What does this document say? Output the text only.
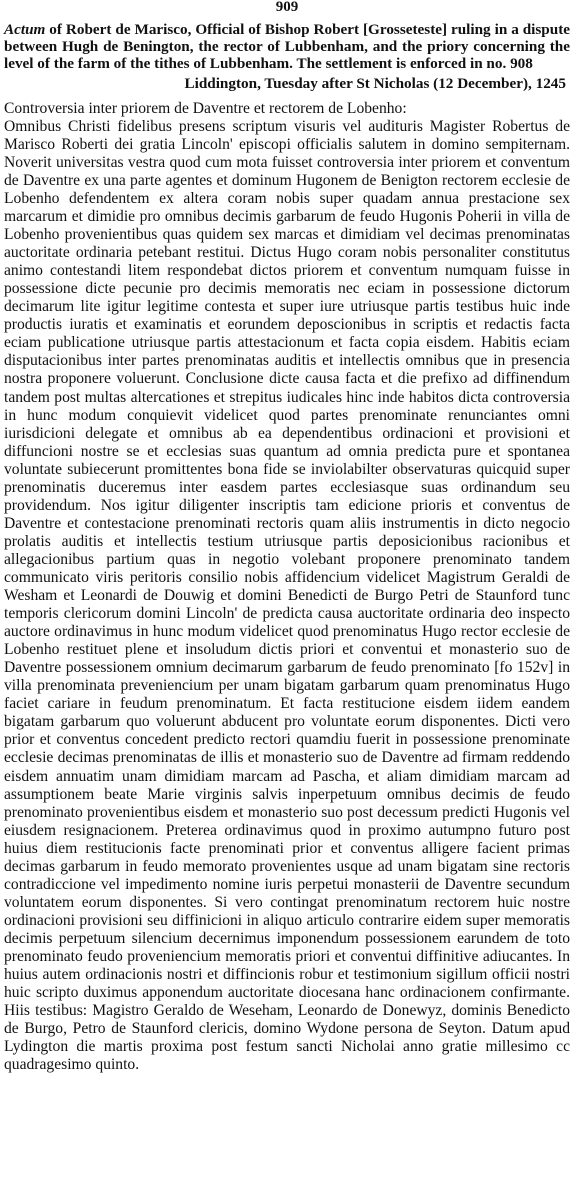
909

Actum of Robert de Marisco, Official of Bishop Robert [Grosseteste] ruling in a dispute between Hugh de Benington, the rector of Lubbenham, and the priory concerning the level of the farm of the tithes of Lubbenham. The settlement is enforced in no. 908

Liddington, Tuesday after St Nicholas (12 December), 1245

Controversia inter priorem de Daventre et rectorem de Lobenho:

Omnibus Christi fidelibus presens scriptum visuris vel audituris Magister Robertus de Marisco Roberti dei gratia Lincoln' episcopi officialis salutem in domino sempiternam. Noverit universitas vestra quod cum mota fuisset controversia inter priorem et conventum de Daventre ex una parte agentes et dominum Hugonem de Benigton rectorem ecclesie de Lobenho defendentem ex altera coram nobis super quadam annua prestacione sex marcarum et dimidie pro omnibus decimis garbarum de feudo Hugonis Poherii in villa de Lobenho provenientibus quas quidem sex marcas et dimidiam vel decimas prenominatas auctoritate ordinaria petebant restitui. Dictus Hugo coram nobis personaliter constitutus animo contestandi litem respondebat dictos priorem et conventum numquam fuisse in possessione dicte pecunie pro decimis memoratis nec eciam in possessione dictorum decimarum lite igitur legitime contesta et super iure utriusque partis testibus huic inde productis iuratis et examinatis et eorundem deposcionibus in scriptis et redactis facta eciam publicatione utriusque partis attestacionum et facta copia eisdem. Habitis eciam disputacionibus inter partes prenominatas auditis et intellectis omnibus que in presencia nostra proponere voluerunt. Conclusione dicte causa facta et die prefixo ad diffinendum tandem post multas altercationes et strepitus iudicales hinc inde habitos dicta controversia in hunc modum conquievit videlicet quod partes prenominate renunciantes omni iurisdicioni delegate et omnibus ab ea dependentibus ordinacioni et provisioni et diffuncioni nostre se et ecclesias suas quantum ad omnia predicta pure et spontanea voluntate subiecerunt promittentes bona fide se inviolabilter observaturas quicquid super prenominatis duceremus inter easdem partes ecclesiasque suas ordinandum seu providendum. Nos igitur diligenter inscriptis tam edicione prioris et conventus de Daventre et contestacione prenominati rectoris quam aliis instrumentis in dicto negocio prolatis auditis et intellectis testium utriusque partis deposicionibus racionibus et allegacionibus partium quas in negotio volebant proponere prenominato tandem communicato viris peritoris consilio nobis affidencium videlicet Magistrum Geraldi de Wesham et Leonardi de Douwig et domini Benedicti de Burgo Petri de Staunford tunc temporis clericorum domini Lincoln' de predicta causa auctoritate ordinaria deo inspecto auctore ordinavimus in hunc modum videlicet quod prenominatus Hugo rector ecclesie de Lobenho restituet plene et insoludum dictis priori et conventui et monasterio suo de Daventre possessionem omnium decimarum garbarum de feudo prenominato [fo 152v] in villa prenominata preveniencium per unam bigatam garbarum quam prenominatus Hugo faciet cariare in feudum prenominatum. Et facta restitucione eisdem iidem eandem bigatam garbarum quo voluerunt abducent pro voluntate eorum disponentes. Dicti vero prior et conventus concedent predicto rectori quamdiu fuerit in possessione prenominate ecclesie decimas prenominatas de illis et monasterio suo de Daventre ad firmam reddendo eisdem annuatim unam dimidiam marcam ad Pascha, et aliam dimidiam marcam ad assumptionem beate Marie virginis salvis inperpetuum omnibus decimis de feudo prenominato provenientibus eisdem et monasterio suo post decessum predicti Hugonis vel eiusdem resignacionem. Preterea ordinavimus quod in proximo autumpno futuro post huius diem restitucionis facte prenominati prior et conventus alligere facient primas decimas garbarum in feudo memorato provenientes usque ad unam bigatam sine rectoris contradiccione vel impedimento nomine iuris perpetui monasterii de Daventre secundum voluntatem eorum disponentes. Si vero contingat prenominatum rectorem huic nostre ordinacioni provisioni seu diffinicioni in aliquo articulo contrarire eidem super memoratis decimis perpetuum silencium decernimus imponendum possessionem earundem de toto prenominato feudo proveniencium memoratis priori et conventui diffinitive adiucantes. In huius autem ordinacionis nostri et diffincionis robur et testimonium sigillum officii nostri huic scripto duximus apponendum auctoritate diocesana hanc ordinacionem confirmante. Hiis testibus: Magistro Geraldo de Weseham, Leonardo de Donewyz, dominis Benedicto de Burgo, Petro de Staunford clericis, domino Wydone persona de Seyton. Datum apud Lydington die martis proxima post festum sancti Nicholai anno gratie millesimo cc quadragesimo quinto.
